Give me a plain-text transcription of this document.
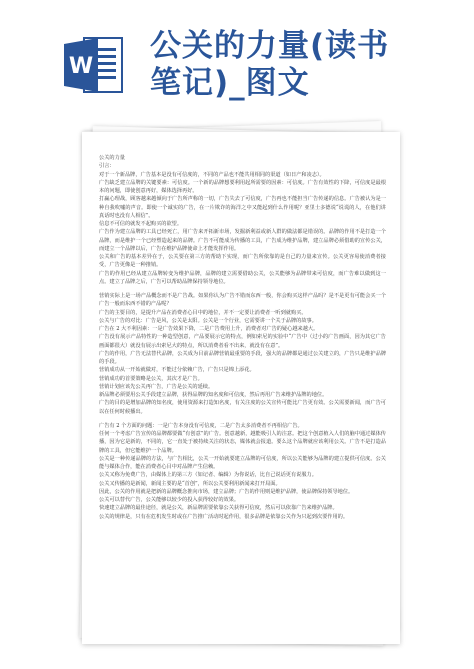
W
公关的力量(读书
笔记)_图文

公关的力量

引言：

对于一个新品牌，广告基本是没有可信度的，不同的产品也不能共用相同的渠道（如日产和凌志）。

广告缺乏建立品牌的关键要素：可信度。一个新的品牌想要利用起所需要的因素：可信度。广告有效性的下降，可信度是最根本的问题，即使创意再好，媒体选择再好。

打赢心理战，顾客越来越倾向于广告所声称的一切，广告失去了可信度，广告再也不能担当广告传递的信息。广告被认为是一种自我吹嘘的声音。即使一个诚实的广告，在一片欺诈的海洋之中又能起到什么作用呢？亚里士多德说“说谎的人，在他们讲真话时也没有人相信”。

信息不可信的就发不起购买的欲望。

广告作为建立品牌的工具已经死亡，用广告来开拓新市场，发掘新利益或新人群的做法都是错误的。品牌的作用不是打造一个品牌，而是维护一个已经塑造起来的品牌。广告不可能成为传播的工具，广告成为维护品牌，建立品牌必须借助的宣传公关，而建立一个品牌以后，广告在维护品牌使命上才能发挥作用。

公关和广告的基本差异在于，公关要在第三方的帮助下实现，而广告所依靠的是自己的力量来宣传。公关更容易使消费者接受，广告更像是一种推销。

广告的作用已经从建立品牌转变为维护品牌，品牌的建立需要借助公关，公关能够为品牌带来可信度，而广告难以做到这一点。建立了品牌之后，广告可以帮助品牌保持领导地位。

营销实际上是一场产品概念而不是广告战。如果你认为广告不错而东西一般，你会购买这样产品吗？是不是更有可能会买一个广告一般而东西不错的产品呢？

广告的主要目的，是提升产品在消费者心目中的地位，并不一定要让消费者一听到就购买。

公关与广告的对比：广告是风，公关是太阳。公关是一个行业，它需要讲一个关于品牌的故事。

广告在 2 大不利因素：一是广告效果下降，二是广告费用上升，消费者对广告的疑心越来越大。

广告没有展示产品特性的一种造型创意，产品要展示它的特点，例如索尼的实验中“广告中（过小的广告画面，因为其它广告画面都很大）就没有展示出索尼大的特点，所以消费者看不出来，就没有在意”。

广告的作用，广告无法替代品牌，公关成为目前品牌营销最重要的手段，强大的品牌都是通过公关建立的，广告只是维护品牌的手段。

营销成功从一开始就做对，不能过分依赖广告，广告只是锦上添花。

营销成功的首要策略是公关，其次才是广告。

营销计划应该先公关再广告，广告是公关的延续。

新品牌必须要用公关手段建立品牌，获得品牌的知名度和可信度，然后再用广告来维护品牌的地位。

广告的目的是增加品牌的知名度，使用资源来打造知名度，有关注度的公关宣传可能比广告更有效。公关需要新闻，而广告可以在任何时候播出。

广告有 2 个方面的问题：一是广告本身没有可信度，二是广告太多消费者不再相信广告。

任何一个考虑广告宣传的品牌都要做“有创意”的广告。创意越新，越能吸引人的注意。把这个创意植入人们的脑中通过媒体传播，因为它是新的，不同的，它一直处于被持续关注的状态，媒体就会报道。要么这个品牌就应该利用公关。广告不是打造品牌的工具，但它能维护一个品牌。

公关是一种传递品牌的方法，与广告相比，公关一开始就要建立品牌的可信度，所以公关能够为品牌的建立提供可信度。公关能与媒体合作，能在消费者心目中对品牌产生信赖。

公关又称为免费广告，由媒体上的第三方（如记者、编辑）为你说话，比自己说话更有说服力。

公关又传播的是新闻，新闻主要的是“首创”，所以公关要利用新闻来打开局面。

因此，公关的作用就是把新的品牌概念推向市场，建立品牌；广告的作用则是维护品牌，使品牌保持领导地位。

公关可以替代广告，公关能够以较少的投入获得较好的效果。

快速建立品牌的最佳途径，就是公关，新品牌需要依靠公关获得可信度，然后可以依靠广告来维护品牌。

公关的规律是，只有在危机发生时或在广告推广活动时起作用，很多品牌是依靠公关作为只起到次要作用的。
